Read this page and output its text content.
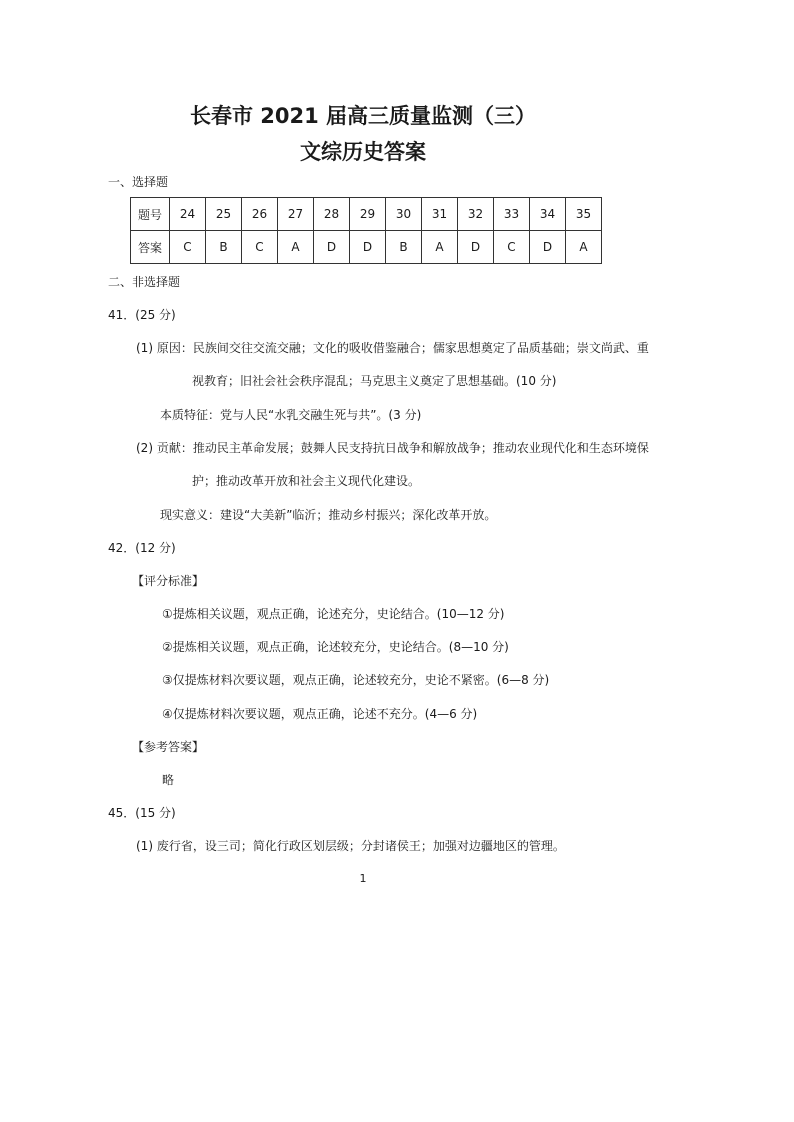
长春市 2021 届高三质量监测（三）
文综历史答案
一、选择题
题号	24	25	26	27	28	29	30	31	32	33	34	35
答案	C	B	C	A	D	D	B	A	D	C	D	A
二、非选择题
41．(25 分)
(1) 原因：民族间交往交流交融；文化的吸收借鉴融合；儒家思想奠定了品质基础；崇文尚武、重
视教育；旧社会社会秩序混乱；马克思主义奠定了思想基础。(10 分)
本质特征：党与人民“水乳交融生死与共”。(3 分)
(2) 贡献：推动民主革命发展；鼓舞人民支持抗日战争和解放战争；推动农业现代化和生态环境保
护；推动改革开放和社会主义现代化建设。
现实意义：建设“大美新”临沂；推动乡村振兴；深化改革开放。
42．(12 分)
【评分标准】
①提炼相关议题，观点正确，论述充分，史论结合。(10—12 分)
②提炼相关议题，观点正确，论述较充分，史论结合。(8—10 分)
③仅提炼材料次要议题，观点正确，论述较充分，史论不紧密。(6—8 分)
④仅提炼材料次要议题，观点正确，论述不充分。(4—6 分)
【参考答案】
略
45．(15 分)
(1) 废行省，设三司；简化行政区划层级；分封诸侯王；加强对边疆地区的管理。
1
